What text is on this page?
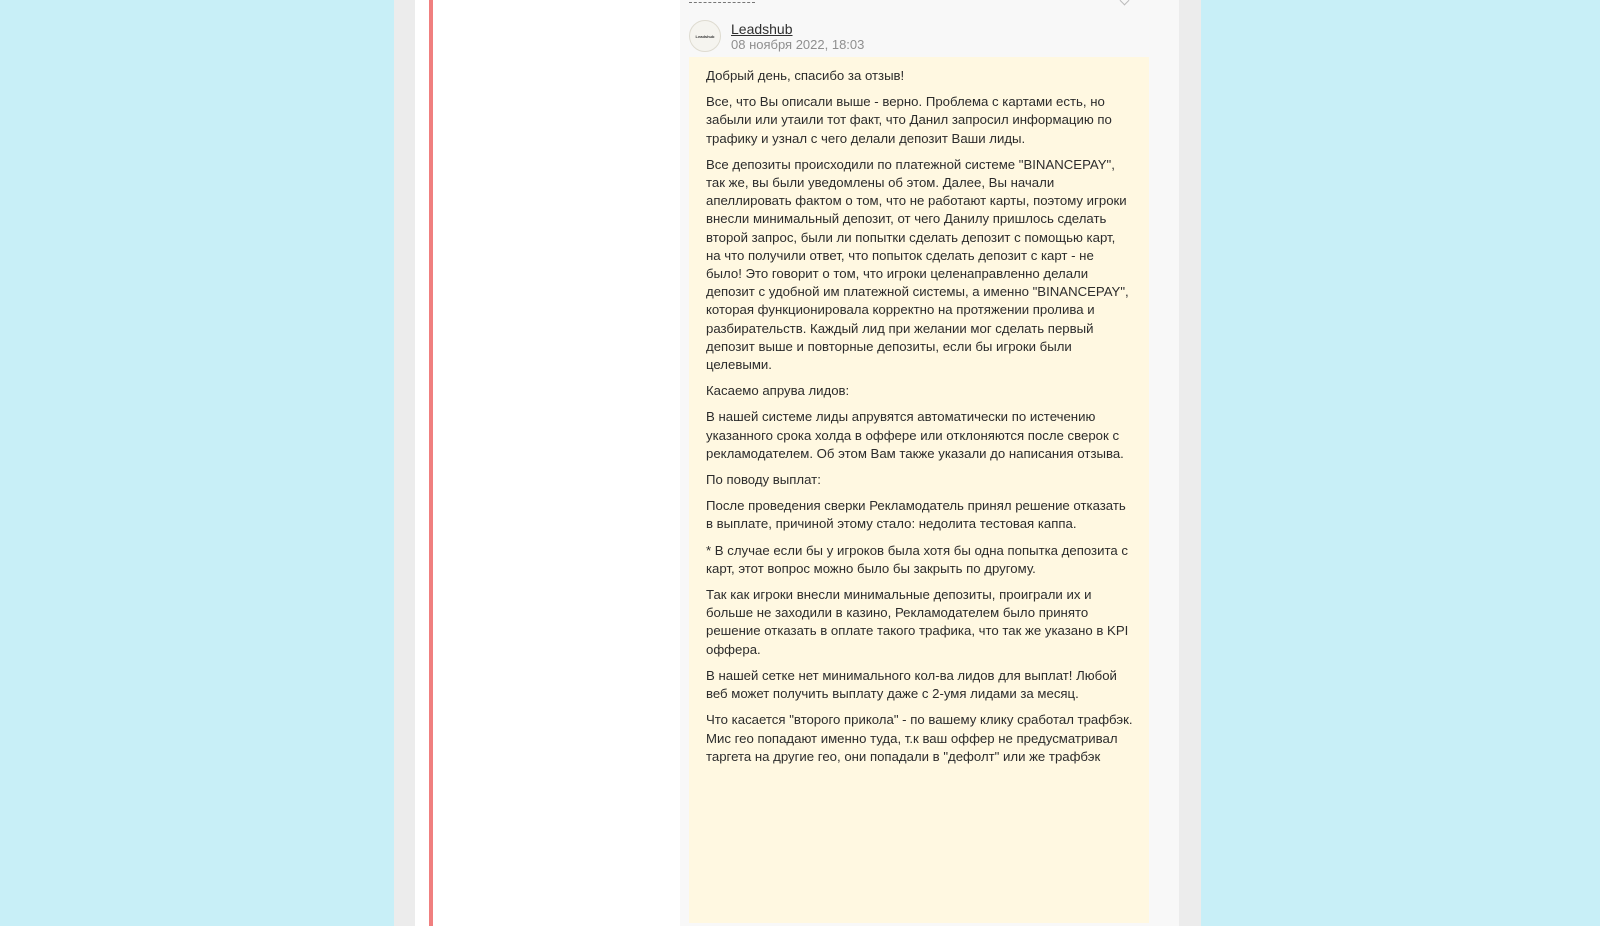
Leadshub Leadshub
08 ноября 2022, 18:03

Добрый день, спасибо за отзыв!

Все, что Вы описали выше - верно. Проблема с картами есть, но забыли или утаили тот факт, что Данил запросил информацию по трафику и узнал с чего делали депозит Ваши лиды.

Все депозиты происходили по платежной системе "BINANCEPAY", так же, вы были уведомлены об этом. Далее, Вы начали апеллировать фактом о том, что не работают карты, поэтому игроки внесли минимальный депозит, от чего Данилу пришлось сделать второй запрос, были ли попытки сделать депозит с помощью карт, на что получили ответ, что попыток сделать депозит с карт - не было! Это говорит о том, что игроки целенаправленно делали депозит с удобной им платежной системы, а именно "BINANCEPAY", которая функционировала корректно на протяжении пролива и разбирательств. Каждый лид при желании мог сделать первый депозит выше и повторные депозиты, если бы игроки были целевыми.

Касаемо апрува лидов:

В нашей системе лиды апрувятся автоматически по истечению указанного срока холда в оффере или отклоняются после сверок с рекламодателем. Об этом Вам также указали до написания отзыва.

По поводу выплат:

После проведения сверки Рекламодатель принял решение отказать в выплате, причиной этому стало: недолита тестовая каппа.

* В случае если бы у игроков была хотя бы одна попытка депозита с карт, этот вопрос можно было бы закрыть по другому.

Так как игроки внесли минимальные депозиты, проиграли их и больше не заходили в казино, Рекламодателем было принято решение отказать в оплате такого трафика, что так же указано в KPI оффера.

В нашей сетке нет минимального кол-ва лидов для выплат! Любой веб может получить выплату даже с 2-умя лидами за месяц.

Что касается "второго прикола" - по вашему клику сработал трафбэк. Мис гео попадают именно туда, т.к ваш оффер не предусматривал таргета на другие гео, они попадали в "дефолт" или же трафбэк
